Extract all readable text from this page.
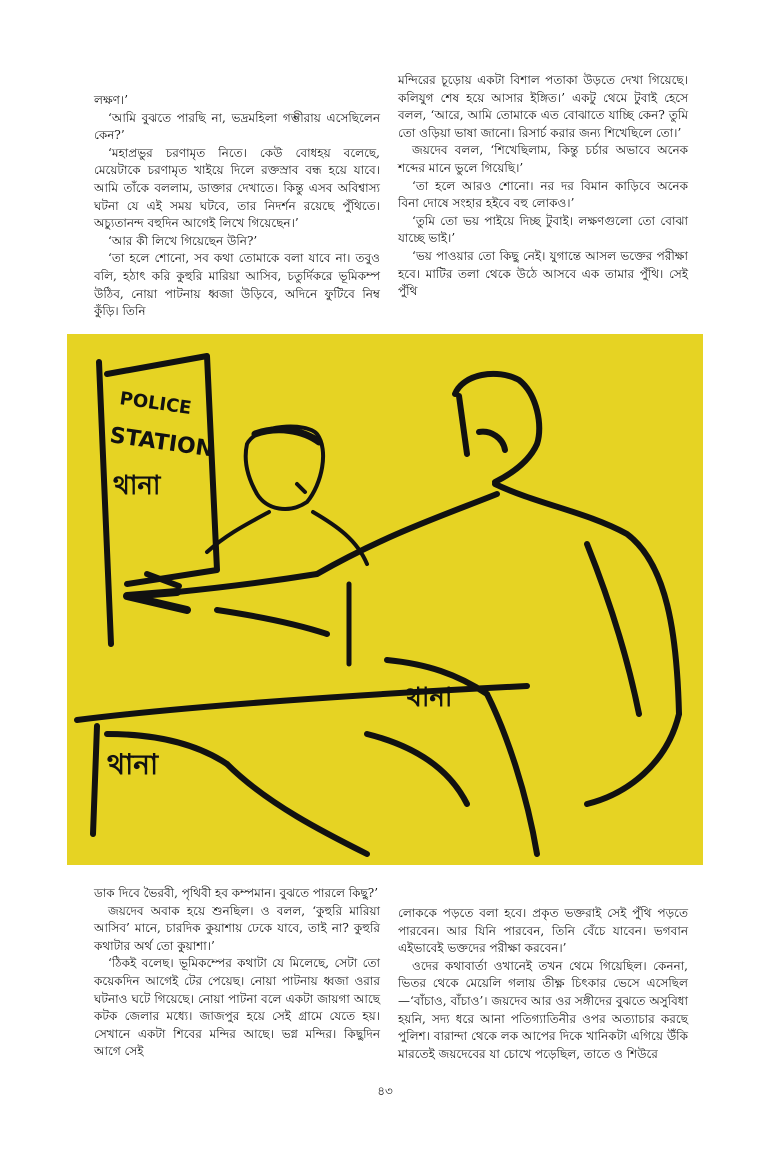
লক্ষণ।’

‘আমি বুঝতে পারছি না, ভদ্রমহিলা গম্ভীরায় এসেছিলেন কেন?’

‘মহাপ্রভুর চরণামৃত নিতে। কেউ বোধহয় বলেছে, মেয়েটাকে চরণামৃত খাইয়ে দিলে রক্তস্রাব বন্ধ হয়ে যাবে। আমি তাঁকে বললাম, ডাক্তার দেখাতে। কিন্তু এসব অবিশ্বাস্য ঘটনা যে এই সময় ঘটবে, তার নিদর্শন রয়েছে পুঁথিতে। অচ্যুতানন্দ বহুদিন আগেই লিখে গিয়েছেন।’

‘আর কী লিখে গিয়েছেন উনি?’

‘তা হলে শোনো, সব কথা তোমাকে বলা যাবে না। তবুও বলি, হঠাৎ করি কুহুরি মারিয়া আসিব, চতুর্দিকরে ভূমিকম্প উঠিব, নোয়া পাটনায় ধ্বজা উড়িবে, অদিনে ফুটিবে নিম্ব কুঁড়ি। তিনি

মন্দিরের চূড়োয় একটা বিশাল পতাকা উড়তে দেখা গিয়েছে। কলিযুগ শেষ হয়ে আসার ইঙ্গিত।’ একটু থেমে টুবাই হেসে বলল, ‘আরে, আমি তোমাকে এত বোঝাতে যাচ্ছি কেন? তুমি তো ওড়িয়া ভাষা জানো। রিসার্চ করার জন্য শিখেছিলে তো।’

জয়দেব বলল, ‘শিখেছিলাম, কিন্তু চর্চার অভাবে অনেক শব্দের মানে ভুলে গিয়েছি।’

‘তা হলে আরও শোনো। নর দর বিমান কাড়িবে অনেক বিনা দোষে সংহার হইবে বহু লোকও।’

‘তুমি তো ভয় পাইয়ে দিচ্ছ টুবাই। লক্ষণগুলো তো বোঝা যাচ্ছে ভাই।’

‘ভয় পাওয়ার তো কিছু নেই। যুগান্তে আসল ভক্তের পরীক্ষা হবে। মাটির তলা থেকে উঠে আসবে এক তামার পুঁথি। সেই পুঁথি

POLICE
STATION
থানা
থানা
থানা

ডাক দিবে ভৈরবী, পৃথিবী হব কম্পমান। বুঝতে পারলে কিছু?’

জয়দেব অবাক হয়ে শুনছিল। ও বলল, ‘কুহুরি মারিয়া আসিব’ মানে, চারদিক কুয়াশায় ঢেকে যাবে, তাই না? কুহুরি কথাটার অর্থ তো কুয়াশা।’

‘ঠিকই বলেছ। ভূমিকম্পের কথাটা যে মিলেছে, সেটা তো কয়েকদিন আগেই টের পেয়েছ। নোয়া পাটনায় ধ্বজা ওরার ঘটনাও ঘটে গিয়েছে। নোয়া পাটনা বলে একটা জায়গা আছে কটক জেলার মধ্যে। জাজপুর হয়ে সেই গ্রামে যেতে হয়। সেখানে একটা শিবের মন্দির আছে। ভগ্ন মন্দির। কিছুদিন আগে সেই

লোককে পড়তে বলা হবে। প্রকৃত ভক্তরাই সেই পুঁথি পড়তে পারবেন। আর যিনি পারবেন, তিনি বেঁচে যাবেন। ভগবান এইভাবেই ভক্তদের পরীক্ষা করবেন।’

ওদের কথাবার্তা ওখানেই তখন থেমে গিয়েছিল। কেননা, ভিতর থেকে মেয়েলি গলায় তীক্ষ্ণ চিৎকার ভেসে এসেছিল—‘বাঁচাও, বাঁচাও’। জয়দেব আর ওর সঙ্গীদের বুঝতে অসুবিধা হয়নি, সদ্য ধরে আনা পতিগ্যাতিনীর ওপর অত্যাচার করছে পুলিশ। বারান্দা থেকে লক আপের দিকে খানিকটা এগিয়ে উঁকি মারতেই জয়দেবের যা চোখে পড়েছিল, তাতে ও শিউরে

৪৩
